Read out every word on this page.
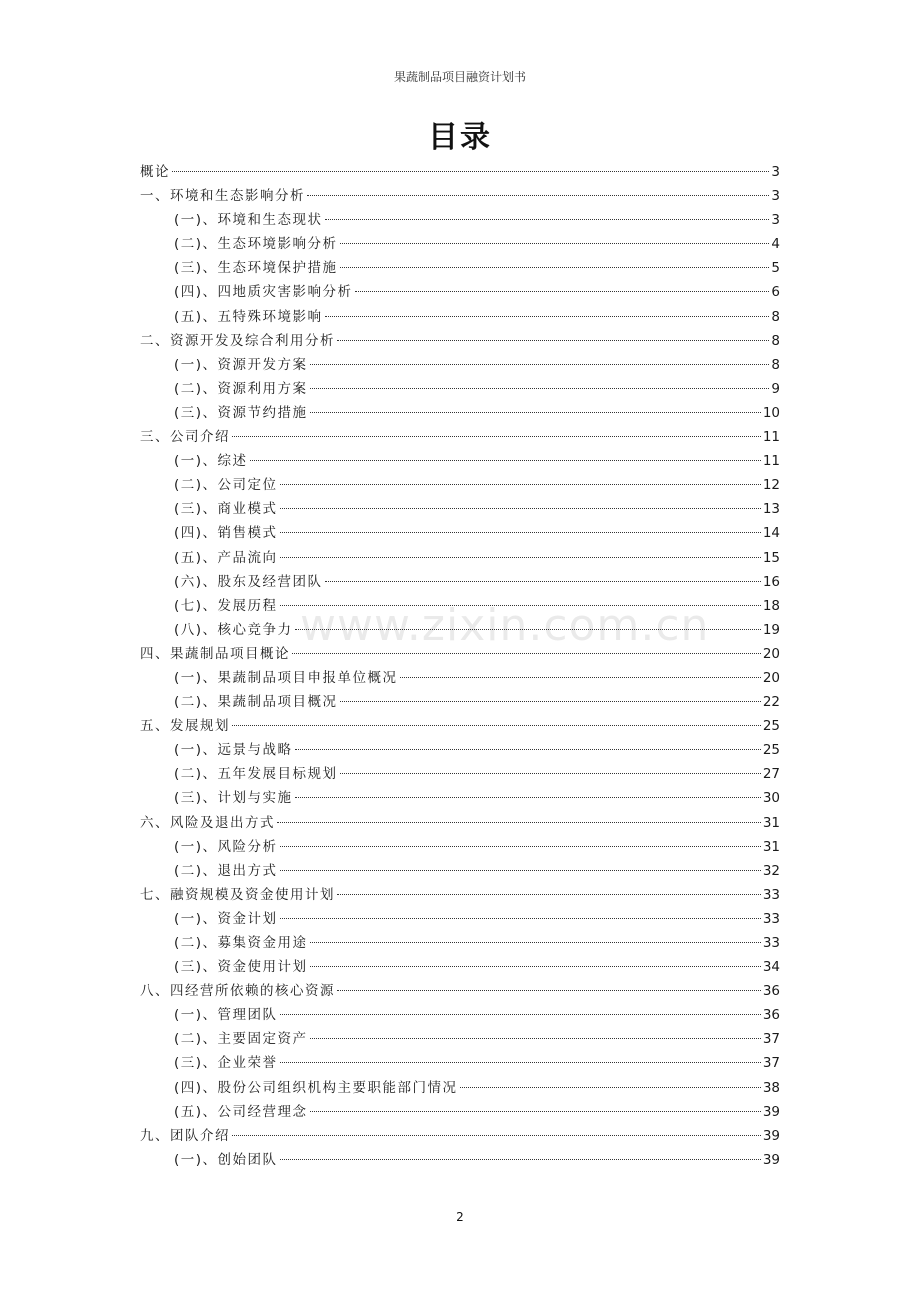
果蔬制品项目融资计划书
目录
概论	3
一、环境和生态影响分析	3
(一)、环境和生态现状	3
(二)、生态环境影响分析	4
(三)、生态环境保护措施	5
(四)、四地质灾害影响分析	6
(五)、五特殊环境影响	8
二、资源开发及综合利用分析	8
(一)、资源开发方案	8
(二)、资源利用方案	9
(三)、资源节约措施	10
三、公司介绍	11
(一)、综述	11
(二)、公司定位	12
(三)、商业模式	13
(四)、销售模式	14
(五)、产品流向	15
(六)、股东及经营团队	16
(七)、发展历程	18
(八)、核心竞争力	19
四、果蔬制品项目概论	20
(一)、果蔬制品项目申报单位概况	20
(二)、果蔬制品项目概况	22
五、发展规划	25
(一)、远景与战略	25
(二)、五年发展目标规划	27
(三)、计划与实施	30
六、风险及退出方式	31
(一)、风险分析	31
(二)、退出方式	32
七、融资规模及资金使用计划	33
(一)、资金计划	33
(二)、募集资金用途	33
(三)、资金使用计划	34
八、四经营所依赖的核心资源	36
(一)、管理团队	36
(二)、主要固定资产	37
(三)、企业荣誉	37
(四)、股份公司组织机构主要职能部门情况	38
(五)、公司经营理念	39
九、团队介绍	39
(一)、创始团队	39
www.zixin.com.cn
2
